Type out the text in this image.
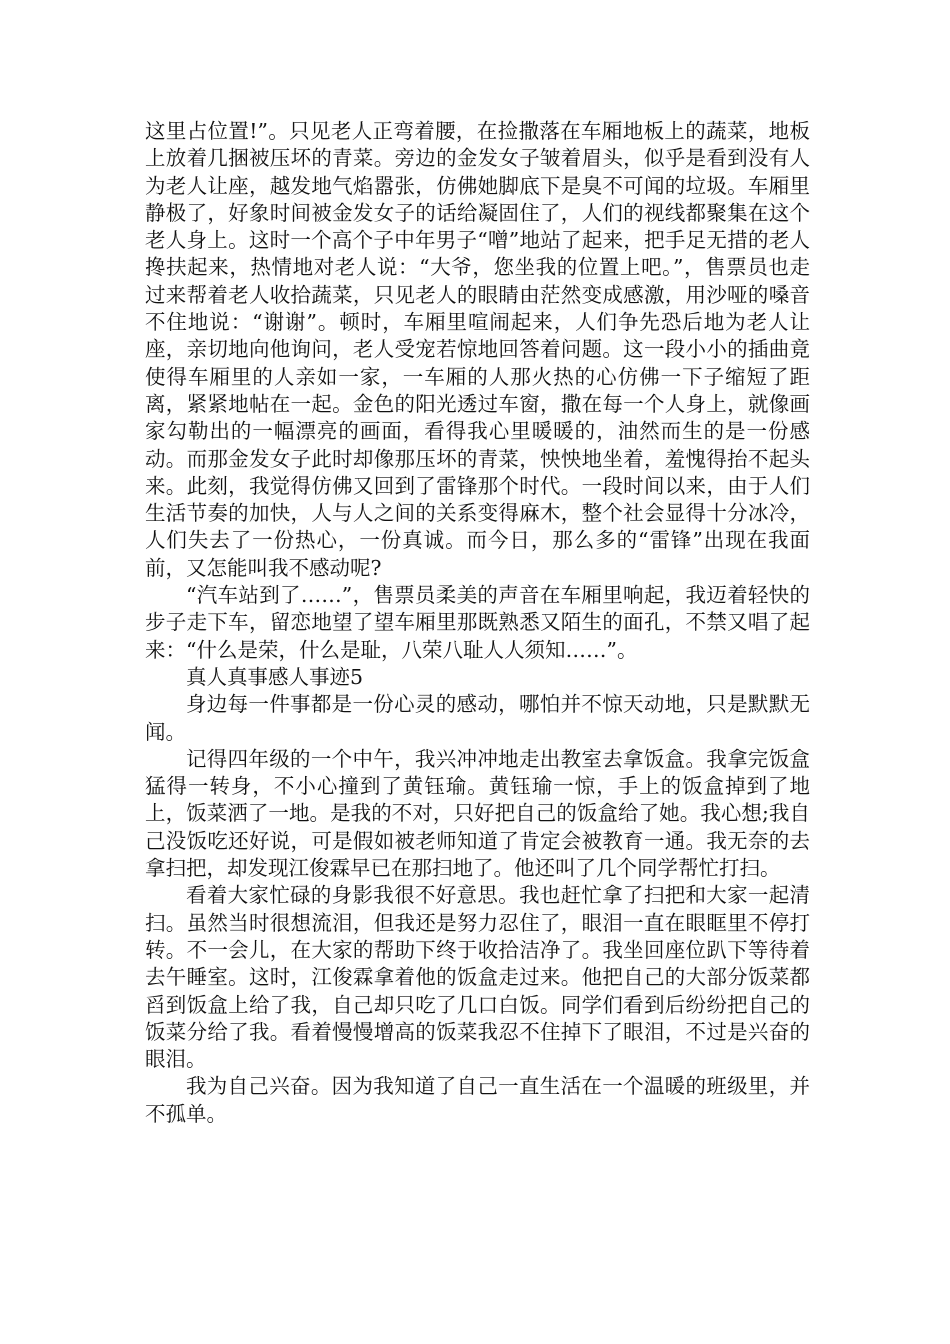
这里占位置!”。只见老人正弯着腰，在捡撒落在车厢地板上的蔬菜，地板上放着几捆被压坏的青菜。旁边的金发女子皱着眉头，似乎是看到没有人为老人让座，越发地气焰嚣张，仿佛她脚底下是臭不可闻的垃圾。车厢里静极了，好象时间被金发女子的话给凝固住了，人们的视线都聚集在这个老人身上。这时一个高个子中年男子“噌”地站了起来，把手足无措的老人搀扶起来，热情地对老人说：“大爷，您坐我的位置上吧。”，售票员也走过来帮着老人收拾蔬菜，只见老人的眼睛由茫然变成感激，用沙哑的嗓音不住地说：“谢谢”。顿时，车厢里喧闹起来，人们争先恐后地为老人让座，亲切地向他询问，老人受宠若惊地回答着问题。这一段小小的插曲竟使得车厢里的人亲如一家，一车厢的人那火热的心仿佛一下子缩短了距离，紧紧地帖在一起。金色的阳光透过车窗，撒在每一个人身上，就像画家勾勒出的一幅漂亮的画面，看得我心里暖暖的，油然而生的是一份感动。而那金发女子此时却像那压坏的青菜，怏怏地坐着，羞愧得抬不起头来。此刻，我觉得仿佛又回到了雷锋那个时代。一段时间以来，由于人们生活节奏的加快，人与人之间的关系变得麻木，整个社会显得十分冰冷，人们失去了一份热心，一份真诚。而今日，那么多的“雷锋”出现在我面前，又怎能叫我不感动呢?

“汽车站到了……”，售票员柔美的声音在车厢里响起，我迈着轻快的步子走下车，留恋地望了望车厢里那既熟悉又陌生的面孔，不禁又唱了起来：“什么是荣，什么是耻，八荣八耻人人须知……”。

真人真事感人事迹5

身边每一件事都是一份心灵的感动，哪怕并不惊天动地，只是默默无闻。

记得四年级的一个中午，我兴冲冲地走出教室去拿饭盒。我拿完饭盒猛得一转身，不小心撞到了黄钰瑜。黄钰瑜一惊，手上的饭盒掉到了地上，饭菜洒了一地。是我的不对，只好把自己的饭盒给了她。我心想;我自己没饭吃还好说，可是假如被老师知道了肯定会被教育一通。我无奈的去拿扫把，却发现江俊霖早已在那扫地了。他还叫了几个同学帮忙打扫。

看着大家忙碌的身影我很不好意思。我也赶忙拿了扫把和大家一起清扫。虽然当时很想流泪，但我还是努力忍住了，眼泪一直在眼眶里不停打转。不一会儿，在大家的帮助下终于收拾洁净了。我坐回座位趴下等待着去午睡室。这时，江俊霖拿着他的饭盒走过来。他把自己的大部分饭菜都舀到饭盒上给了我，自己却只吃了几口白饭。同学们看到后纷纷把自己的饭菜分给了我。看着慢慢增高的饭菜我忍不住掉下了眼泪，不过是兴奋的眼泪。

我为自己兴奋。因为我知道了自己一直生活在一个温暖的班级里，并不孤单。
